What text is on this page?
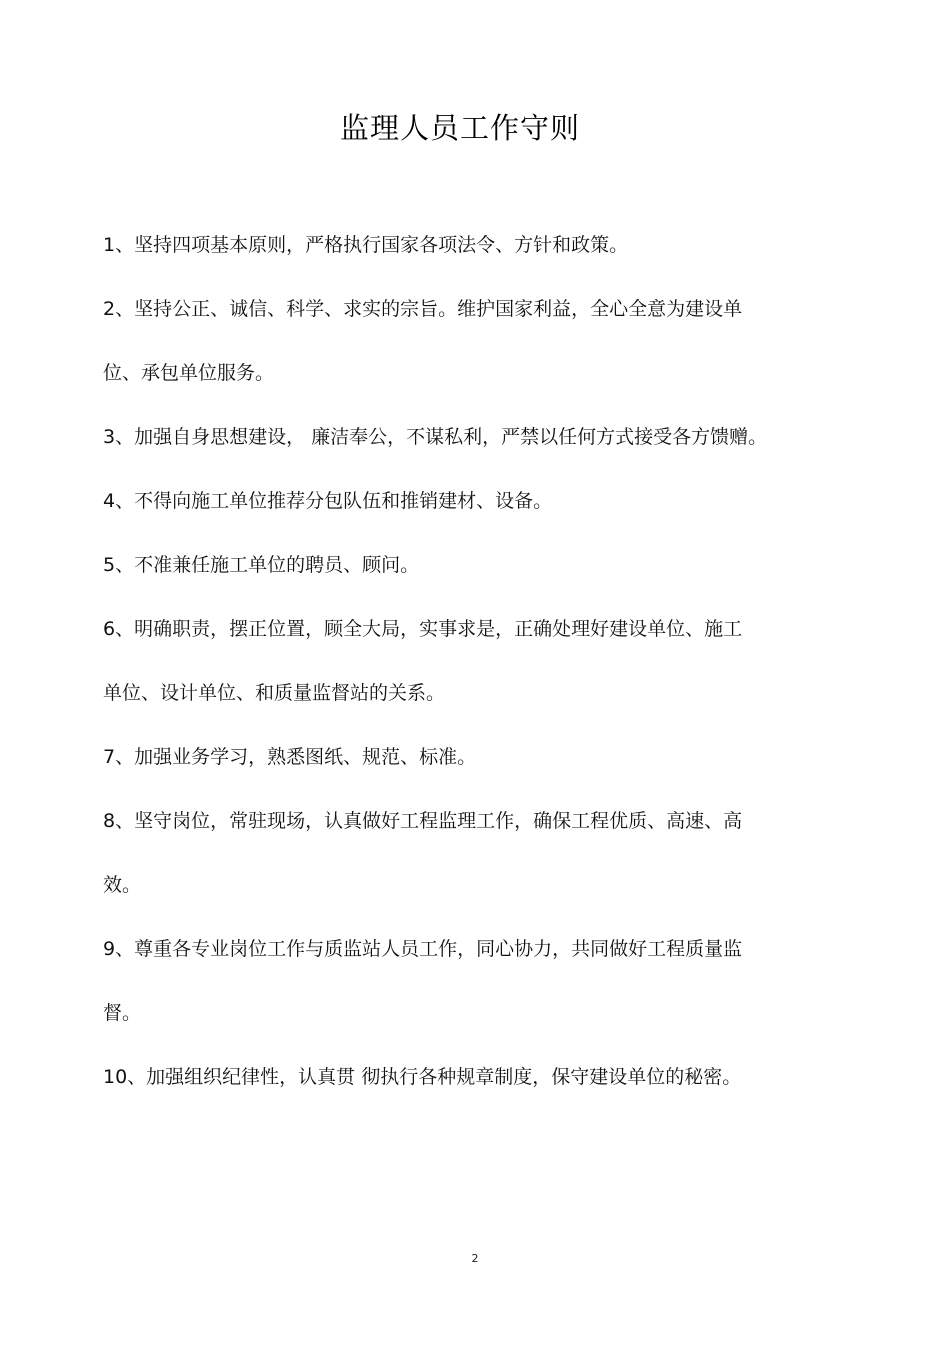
监理人员工作守则
1、坚持四项基本原则，严格执行国家各项法令、方针和政策。
2、坚持公正、诚信、科学、求实的宗旨。维护国家利益，全心全意为建设单
位、承包单位服务。
3、加强自身思想建设， 廉洁奉公，不谋私利，严禁以任何方式接受各方馈赠。
4、不得向施工单位推荐分包队伍和推销建材、设备。
5、不准兼任施工单位的聘员、顾问。
6、明确职责，摆正位置，顾全大局，实事求是，正确处理好建设单位、施工
单位、设计单位、和质量监督站的关系。
7、加强业务学习，熟悉图纸、规范、标准。
8、坚守岗位，常驻现场，认真做好工程监理工作，确保工程优质、高速、高
效。
9、尊重各专业岗位工作与质监站人员工作，同心协力，共同做好工程质量监
督。
10、加强组织纪律性，认真贯 彻执行各种规章制度，保守建设单位的秘密。
2
